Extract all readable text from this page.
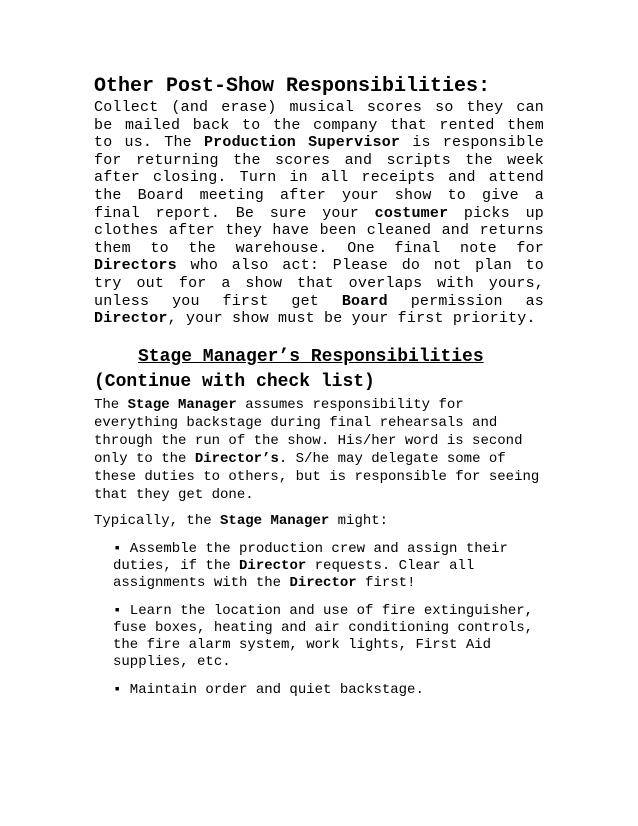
Other Post-Show Responsibilities:

Collect (and erase) musical scores so they can be mailed back to the company that rented them to us. The Production Supervisor is responsible for returning the scores and scripts the week after closing. Turn in all receipts and attend the Board meeting after your show to give a final report. Be sure your costumer picks up clothes after they have been cleaned and returns them to the warehouse. One final note for Directors who also act: Please do not plan to try out for a show that overlaps with yours, unless you first get Board permission as Director, your show must be your first priority.

Stage Manager’s Responsibilities
(Continue with check list)

The Stage Manager assumes responsibility for everything backstage during final rehearsals and through the run of the show. His/her word is second only to the Director’s. S/he may delegate some of these duties to others, but is responsible for seeing that they get done.

Typically, the Stage Manager might:

▪ Assemble the production crew and assign their duties, if the Director requests. Clear all assignments with the Director first!

▪ Learn the location and use of fire extinguisher, fuse boxes, heating and air conditioning controls, the fire alarm system, work lights, First Aid supplies, etc.

▪ Maintain order and quiet backstage.
